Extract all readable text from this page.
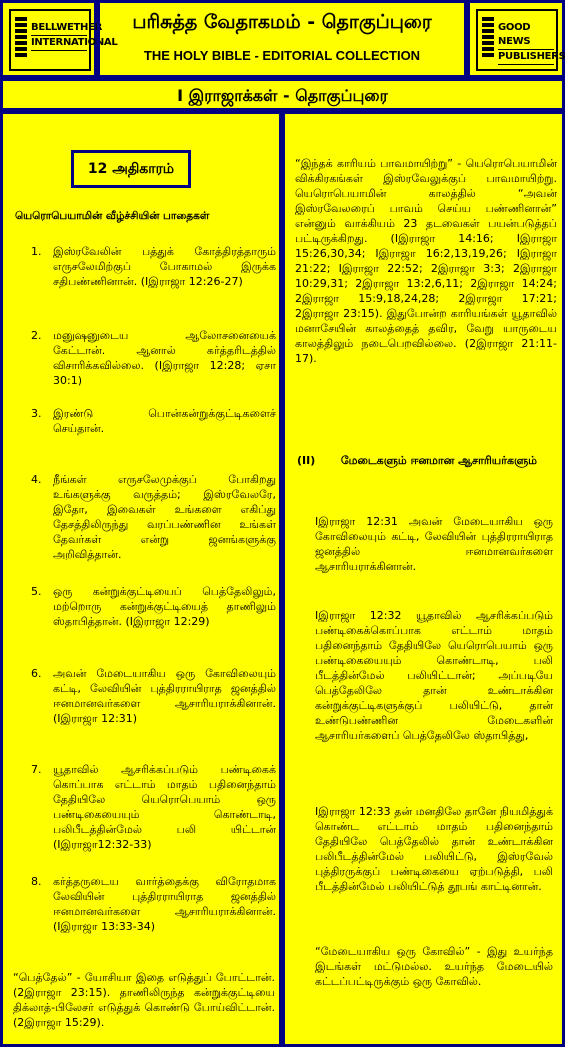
BELLWETHER
INTERNATIONAL
பரிசுத்த வேதாகமம் - தொகுப்புரை
THE HOLY BIBLE - EDITORIAL COLLECTION
GOOD NEWS
PUBLISHERS
I இராஜாக்கள் - தொகுப்புரை
12 அதிகாரம்
யெரொபெயாமின் வீழ்ச்சியின் பாதைகள்
1. இஸ்ரவேலின் பத்துக் கோத்திரத்தாரும் எருசலேமிற்குப் போகாமல் இருக்க சதிபண்ணினான். (Iஇராஜா 12:26-27)
2. மனுஷனுடைய ஆலோசனையைக் கேட்டான். ஆனால் கர்த்தரிடத்தில் விசாரிக்கவில்லை. (Iஇராஜா 12:28; ஏசா 30:1)
3. இரண்டு பொன்கன்றுக்குட்டிகளைச் செய்தான்.
4. நீங்கள் எருசலேமுக்குப் போகிறது உங்களுக்கு வருத்தம்; இஸ்ரவேலரே, இதோ, இவைகள் உங்களை எகிப்து தேசத்திலிருந்து வரப்பண்ணின உங்கள் தேவர்கள் என்று ஜனங்களுக்கு அறிவித்தான்.
5. ஒரு கன்றுக்குட்டியைப் பெத்தேலிலும், மற்றொரு கன்றுக்குட்டியைத் தாணிலும் ஸ்தாபித்தான். (Iஇராஜா 12:29)
6. அவன் மேடையாகிய ஒரு கோவிலையும் கட்டி, லேவியின் புத்திரராயிராத ஜனத்தில் ஈனமானவர்களை ஆசாரியராக்கினான். (Iஇராஜா 12:31)
7. யூதாவில் ஆசரிக்கப்படும் பண்டிகைக் கொப்பாக எட்டாம் மாதம் பதினைந்தாம் தேதியிலே யெரொபெயாம் ஒரு பண்டிகையையும் கொண்டாடி, பலிபீடத்தின்மேல் பலி யிட்டான் (Iஇராஜா12:32-33)
8. கர்த்தருடைய வார்த்தைக்கு விரோதமாக லேவியின் புத்திரராயிராத ஜனத்தில் ஈனமானவர்களை ஆசாரியராக்கினான். (Iஇராஜா 13:33-34)
“பெத்தேல்” - யோசியா இதை எடுத்துப் போட்டான். (2இராஜா 23:15). தாணிலிருந்த கன்றுக்குட்டியை திக்லாத்-பிலேசர் எடுத்துக் கொண்டு போய்விட்டான். (2இராஜா 15:29).
“இந்தக் காரியம் பாவமாயிற்று” - யெரொபெயாமின் விக்கிரகங்கள் இஸ்ரவேலுக்குப் பாவமாயிற்று. யெரொபெயாமின் காலத்தில் “அவன் இஸ்ரவேலரைப் பாவம் செய்ய பண்ணினான்” என்னும் வாக்கியம் 23 தடவைகள் பயன்படுத்தப் பட்டிருக்கிறது. (Iஇராஜா 14:16; Iஇராஜா 15:26,30,34; Iஇராஜா 16:2,13,19,26; Iஇராஜா 21:22; Iஇராஜா 22:52; 2இராஜா 3:3; 2இராஜா 10:29,31; 2இராஜா 13:2,6,11; 2இராஜா 14:24; 2இராஜா 15:9,18,24,28; 2இராஜா 17:21; 2இராஜா 23:15). இதுபோன்ற காரியங்கள் யூதாவில் மனாசேயின் காலத்தைத் தவிர, வேறு யாருடைய காலத்திலும் நடைபெறவில்லை. (2இராஜா 21:11-17).
(II) மேடைகளும் ஈனமான ஆசாரியர்களும்
Iஇராஜா 12:31 அவன் மேடையாகிய ஒரு கோவிலையும் கட்டி, லேவியின் புத்திரராயிராத ஜனத்தில் ஈனமானவர்களை ஆசாரியராக்கினான்.
Iஇராஜா 12:32 யூதாவில் ஆசரிக்கப்படும் பண்டிகைக்கொப்பாக எட்டாம் மாதம் பதினைந்தாம் தேதியிலே யெரொபெயாம் ஒரு பண்டிகையையும் கொண்டாடி, பலி பீடத்தின்மேல் பலியிட்டான்; அப்படியே பெத்தேலிலே தான் உண்டாக்கின கன்றுக்குட்டிகளுக்குப் பலியிட்டு, தான் உண்டுபண்ணின மேடைகளின் ஆசாரியர்களைப் பெத்தேலிலே ஸ்தாபித்து,
Iஇராஜா 12:33 தன் மனதிலே தானே நியமித்துக் கொண்ட எட்டாம் மாதம் பதினைந்தாம் தேதியிலே பெத்தேலில் தான் உண்டாக்கின பலிபீடத்தின்மேல் பலியிட்டு, இஸ்ரவேல் புத்திரருக்குப் பண்டிகையை ஏற்படுத்தி, பலி பீடத்தின்மேல் பலியிட்டுத் தூபங் காட்டினான்.
“மேடையாகிய ஒரு கோவில்” - இது உயர்ந்த இடங்கள் மட்டுமல்ல. உயர்ந்த மேடையில் கட்டப்பட்டிருக்கும் ஒரு கோவில்.
